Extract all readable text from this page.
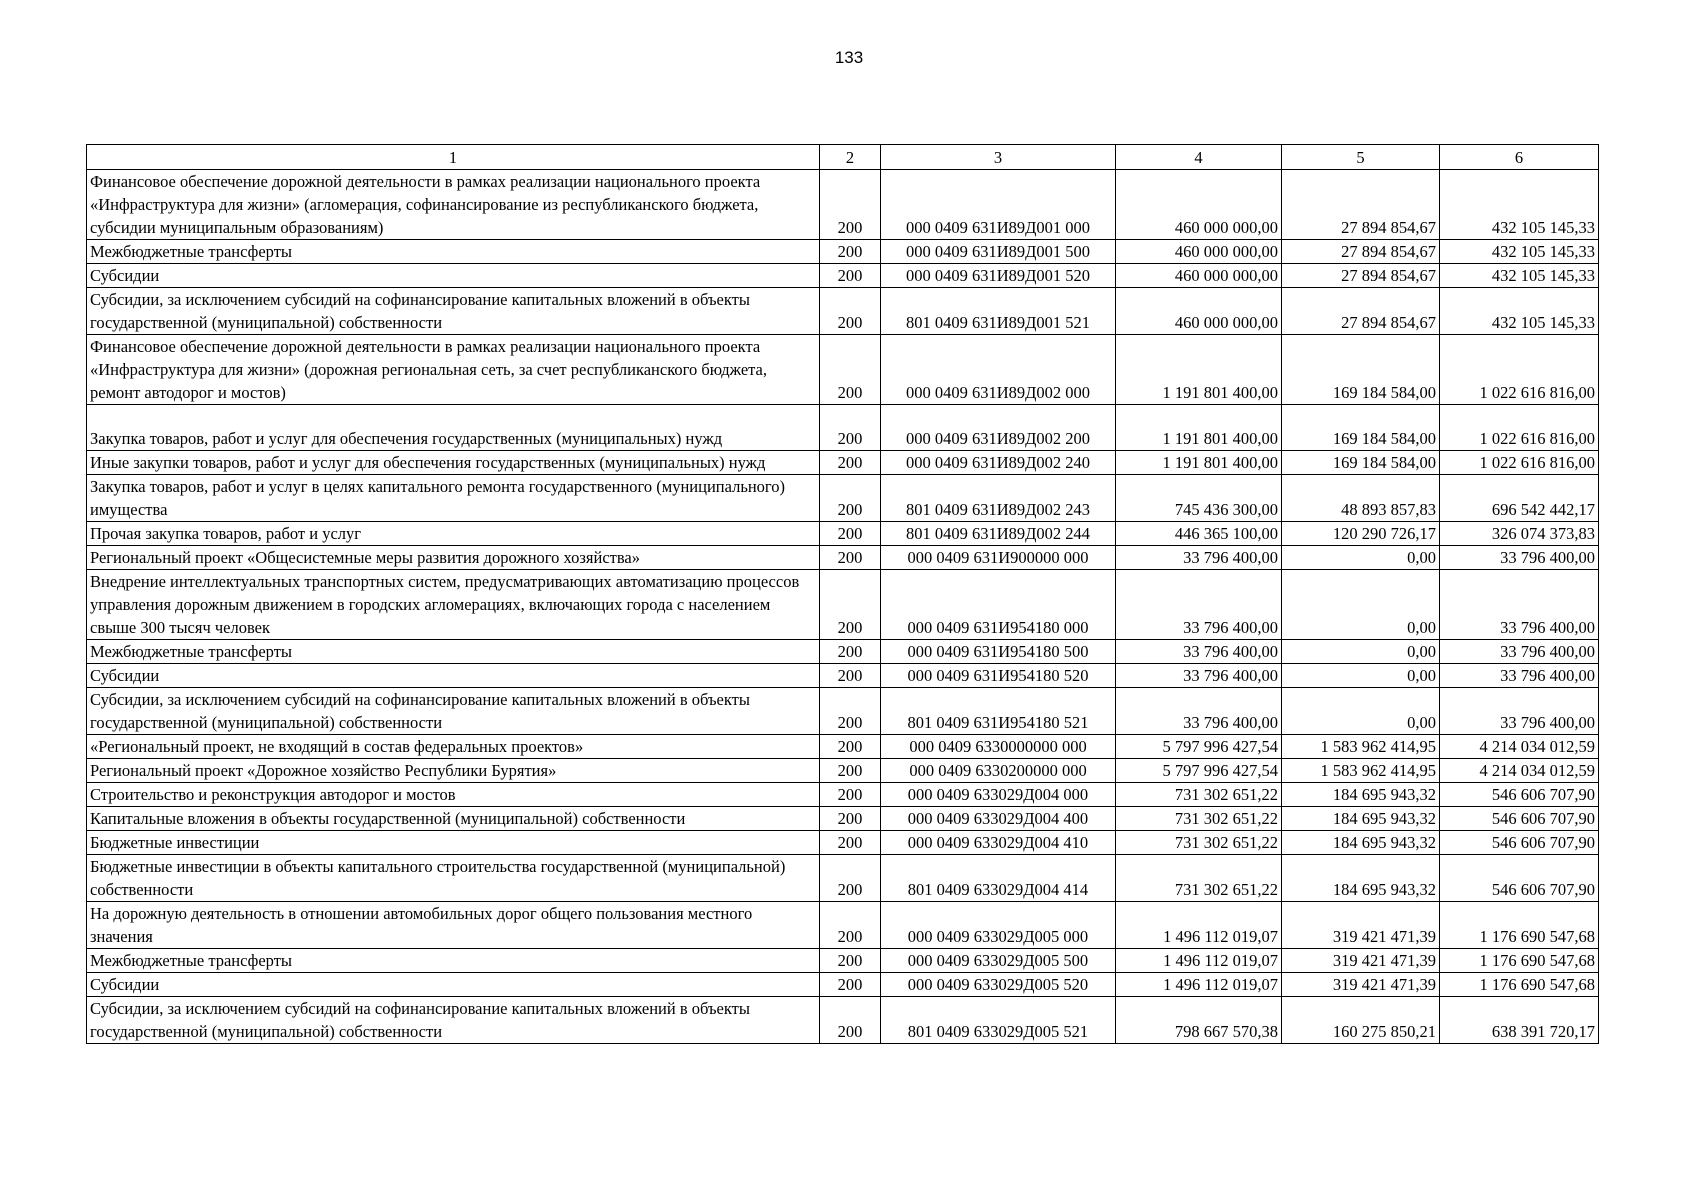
133
1	2	3	4	5	6
Финансовое обеспечение дорожной деятельности в рамках реализации национального проекта «Инфраструктура для жизни» (агломерация, софинансирование из республиканского бюджета, субсидии муниципальным образованиям)	200	000 0409 631И89Д001 000	460 000 000,00	27 894 854,67	432 105 145,33
Межбюджетные трансферты	200	000 0409 631И89Д001 500	460 000 000,00	27 894 854,67	432 105 145,33
Субсидии	200	000 0409 631И89Д001 520	460 000 000,00	27 894 854,67	432 105 145,33
Субсидии, за исключением субсидий на софинансирование капитальных вложений в объекты государственной (муниципальной) собственности	200	801 0409 631И89Д001 521	460 000 000,00	27 894 854,67	432 105 145,33
Финансовое обеспечение дорожной деятельности в рамках реализации национального проекта «Инфраструктура для жизни» (дорожная региональная сеть, за счет республиканского бюджета, ремонт автодорог и мостов)	200	000 0409 631И89Д002 000	1 191 801 400,00	169 184 584,00	1 022 616 816,00
Закупка товаров, работ и услуг для обеспечения государственных (муниципальных) нужд	200	000 0409 631И89Д002 200	1 191 801 400,00	169 184 584,00	1 022 616 816,00
Иные закупки товаров, работ и услуг для обеспечения государственных (муниципальных) нужд	200	000 0409 631И89Д002 240	1 191 801 400,00	169 184 584,00	1 022 616 816,00
Закупка товаров, работ и услуг в целях капитального ремонта государственного (муниципального) имущества	200	801 0409 631И89Д002 243	745 436 300,00	48 893 857,83	696 542 442,17
Прочая закупка товаров, работ и услуг	200	801 0409 631И89Д002 244	446 365 100,00	120 290 726,17	326 074 373,83
Региональный проект «Общесистемные меры развития дорожного хозяйства»	200	000 0409 631И900000 000	33 796 400,00	0,00	33 796 400,00
Внедрение интеллектуальных транспортных систем, предусматривающих автоматизацию процессов управления дорожным движением в городских агломерациях, включающих города с населением свыше 300 тысяч человек	200	000 0409 631И954180 000	33 796 400,00	0,00	33 796 400,00
Межбюджетные трансферты	200	000 0409 631И954180 500	33 796 400,00	0,00	33 796 400,00
Субсидии	200	000 0409 631И954180 520	33 796 400,00	0,00	33 796 400,00
Субсидии, за исключением субсидий на софинансирование капитальных вложений в объекты государственной (муниципальной) собственности	200	801 0409 631И954180 521	33 796 400,00	0,00	33 796 400,00
«Региональный проект, не входящий в состав федеральных проектов»	200	000 0409 6330000000 000	5 797 996 427,54	1 583 962 414,95	4 214 034 012,59
Региональный проект «Дорожное хозяйство Республики Бурятия»	200	000 0409 6330200000 000	5 797 996 427,54	1 583 962 414,95	4 214 034 012,59
Строительство и реконструкция автодорог и мостов	200	000 0409 633029Д004 000	731 302 651,22	184 695 943,32	546 606 707,90
Капитальные вложения в объекты государственной (муниципальной) собственности	200	000 0409 633029Д004 400	731 302 651,22	184 695 943,32	546 606 707,90
Бюджетные инвестиции	200	000 0409 633029Д004 410	731 302 651,22	184 695 943,32	546 606 707,90
Бюджетные инвестиции в объекты капитального строительства государственной (муниципальной) собственности	200	801 0409 633029Д004 414	731 302 651,22	184 695 943,32	546 606 707,90
На дорожную деятельность в отношении автомобильных дорог общего пользования местного значения	200	000 0409 633029Д005 000	1 496 112 019,07	319 421 471,39	1 176 690 547,68
Межбюджетные трансферты	200	000 0409 633029Д005 500	1 496 112 019,07	319 421 471,39	1 176 690 547,68
Субсидии	200	000 0409 633029Д005 520	1 496 112 019,07	319 421 471,39	1 176 690 547,68
Субсидии, за исключением субсидий на софинансирование капитальных вложений в объекты государственной (муниципальной) собственности	200	801 0409 633029Д005 521	798 667 570,38	160 275 850,21	638 391 720,17
